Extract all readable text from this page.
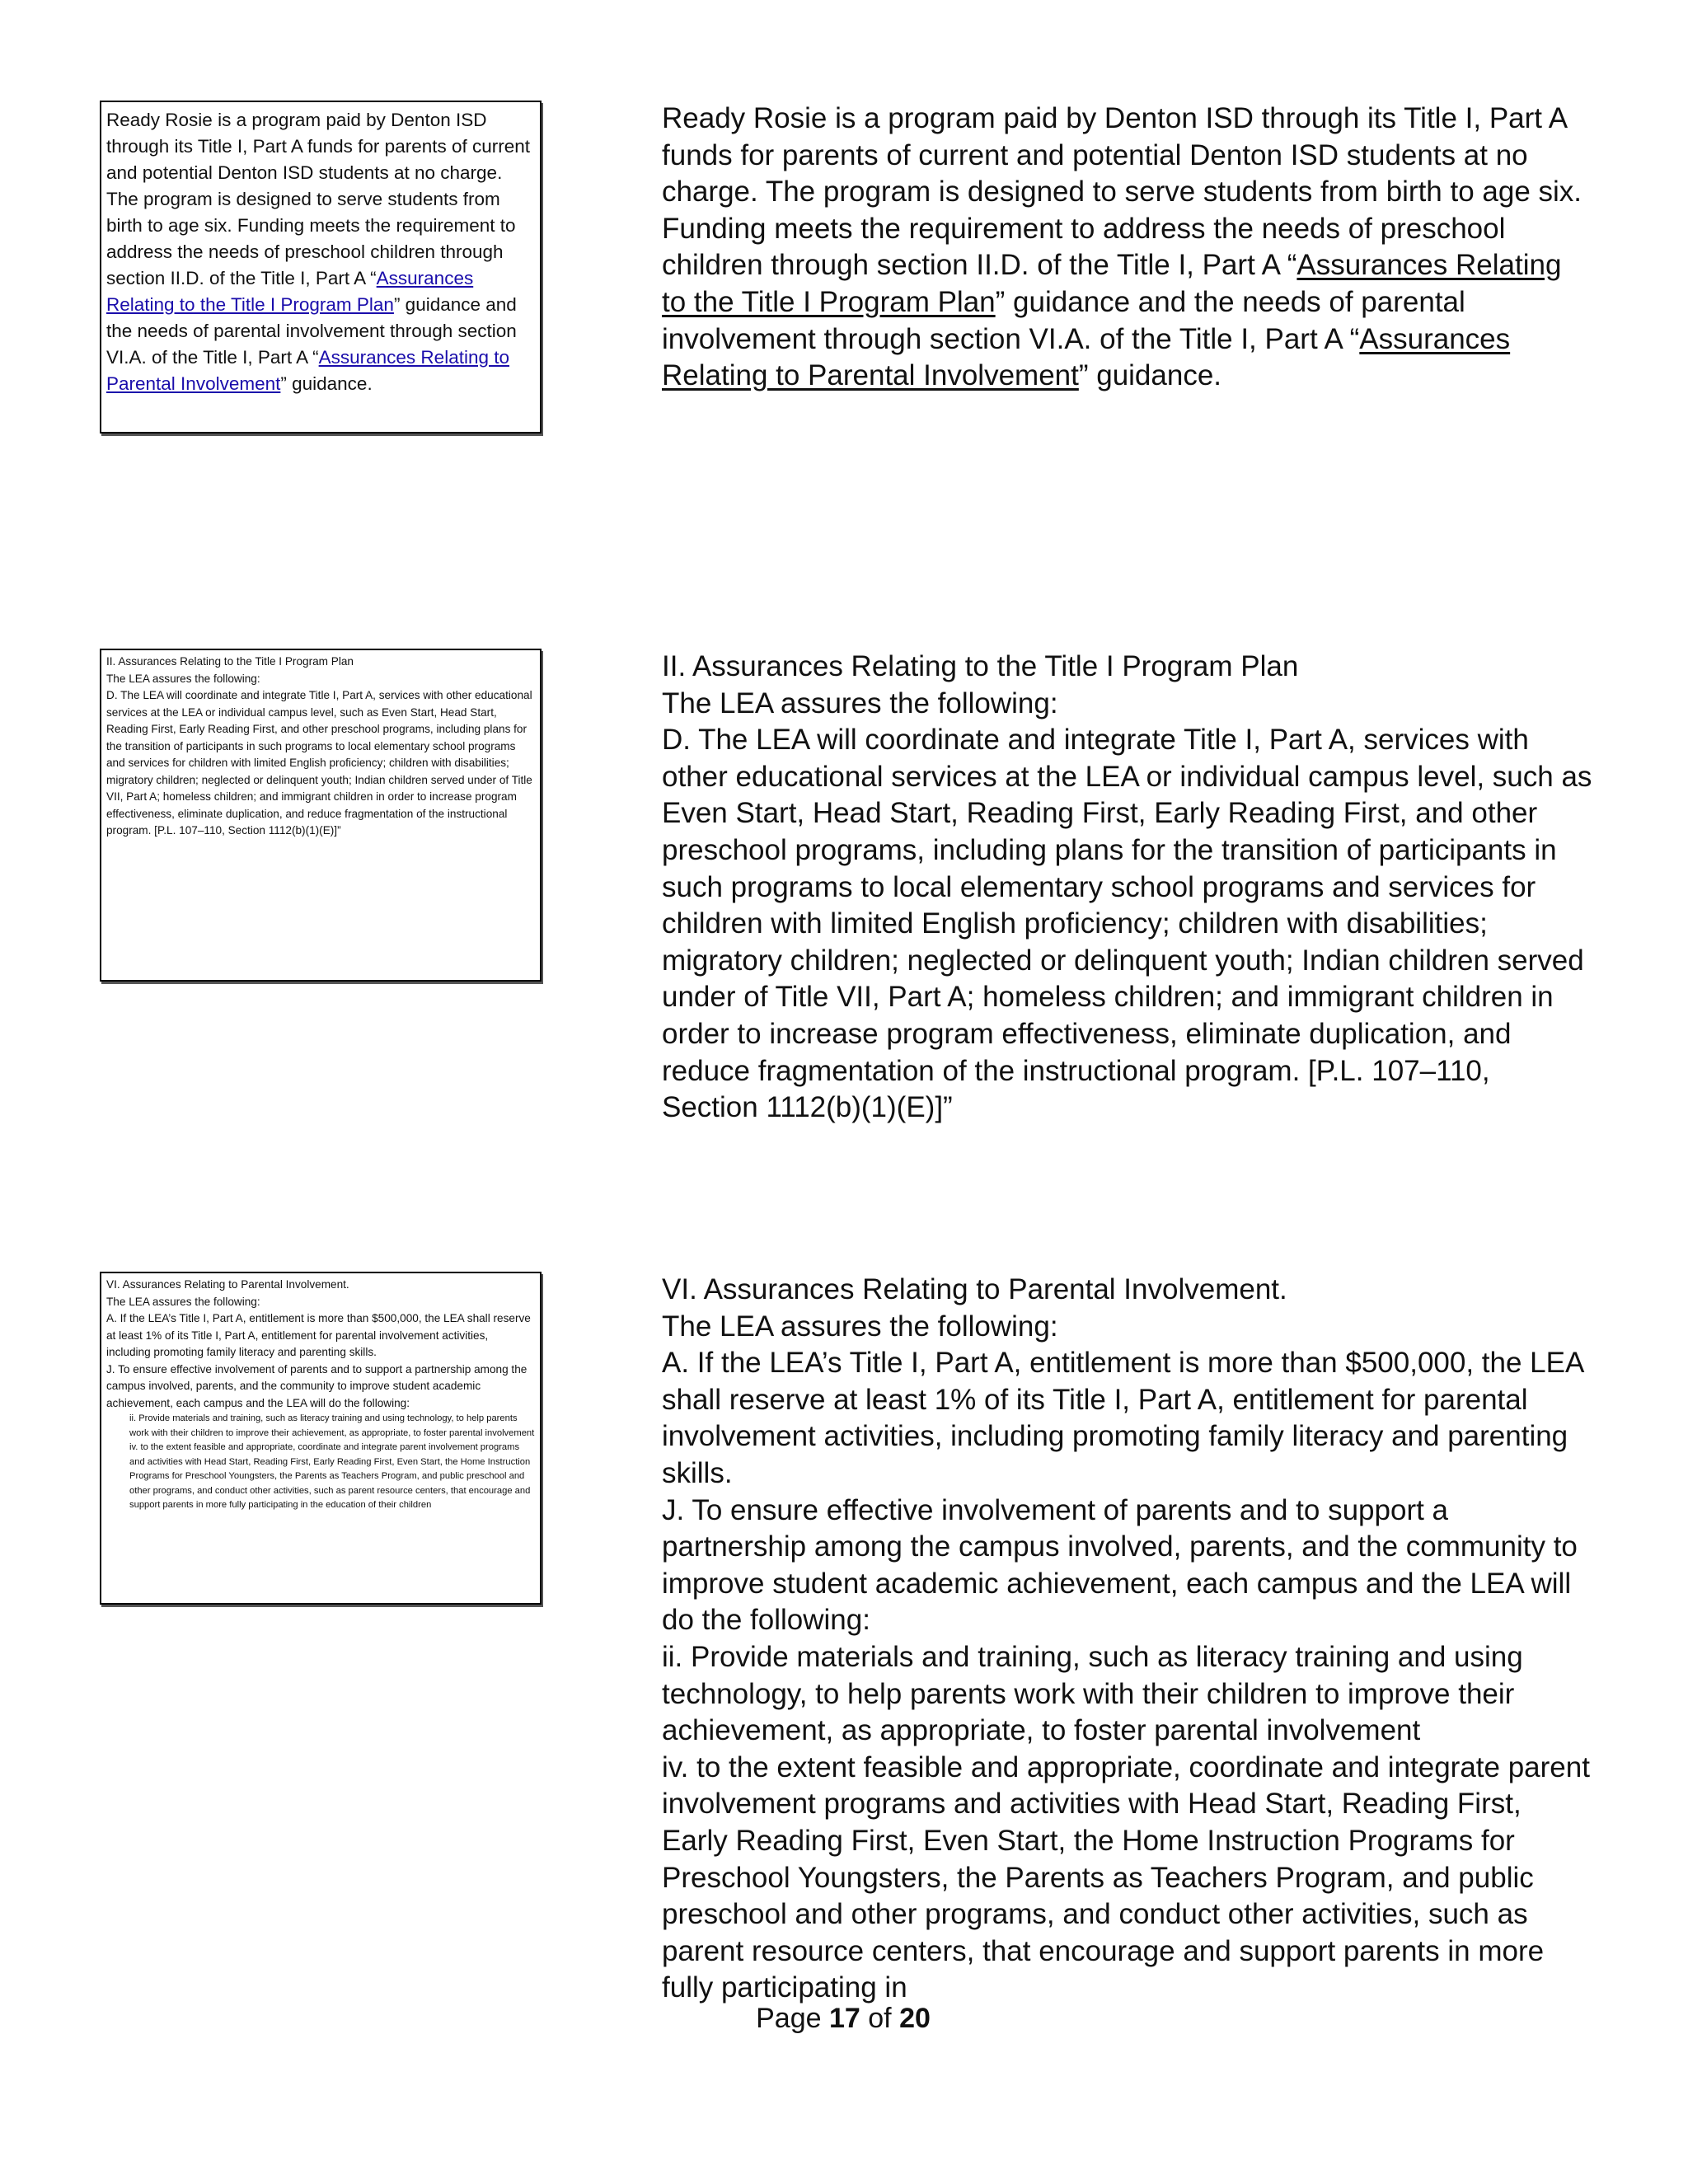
Ready Rosie is a program paid by Denton ISD through its Title I, Part A funds for parents of current and potential Denton ISD students at no charge. The program is designed to serve students from birth to age six. Funding meets the requirement to address the needs of preschool children through section II.D. of the Title I, Part A “Assurances Relating to the Title I Program Plan” guidance and the needs of parental involvement through section VI.A. of the Title I, Part A “Assurances Relating to Parental Involvement” guidance.

II. Assurances Relating to the Title I Program Plan

The LEA assures the following:

D. The LEA will coordinate and integrate Title I, Part A, services with other educational services at the LEA or individual campus level, such as Even Start, Head Start, Reading First, Early Reading First, and other preschool programs, including plans for the transition of participants in such programs to local elementary school programs and services for children with limited English proficiency; children with disabilities; migratory children; neglected or delinquent youth; Indian children served under of Title VII, Part A; homeless children; and immigrant children in order to increase program effectiveness, eliminate duplication, and reduce fragmentation of the instructional program. [P.L. 107–110, Section 1112(b)(1)(E)]”

VI. Assurances Relating to Parental Involvement.

The LEA assures the following:

A. If the LEA’s Title I, Part A, entitlement is more than $500,000, the LEA shall reserve at least 1% of its Title I, Part A, entitlement for parental involvement activities, including promoting family literacy and parenting skills.

J. To ensure effective involvement of parents and to support a partnership among the campus involved, parents, and the community to improve student academic achievement, each campus and the LEA will do the following:

ii. Provide materials and training, such as literacy training and using technology, to help parents work with their children to improve their achievement, as appropriate, to foster parental involvement

iv. to the extent feasible and appropriate, coordinate and integrate parent involvement programs and activities with Head Start, Reading First, Early Reading First, Even Start, the Home Instruction Programs for Preschool Youngsters, the Parents as Teachers Program, and public preschool and other programs, and conduct other activities, such as parent resource centers, that encourage and support parents in more fully participating in the education of their children

Ready Rosie is a program paid by Denton ISD through its Title I, Part A funds for parents of current and potential Denton ISD students at no charge. The program is designed to serve students from birth to age six. Funding meets the requirement to address the needs of preschool children through section II.D. of the Title I, Part A “Assurances Relating to the Title I Program Plan” guidance and the needs of parental involvement through section VI.A. of the Title I, Part A “Assurances Relating to Parental Involvement” guidance.

II. Assurances Relating to the Title I Program Plan

The LEA assures the following:

D. The LEA will coordinate and integrate Title I, Part A, services with other educational services at the LEA or individual campus level, such as Even Start, Head Start, Reading First, Early Reading First, and other preschool programs, including plans for the transition of participants in such programs to local elementary school programs and services for children with limited English proficiency; children with disabilities; migratory children; neglected or delinquent youth; Indian children served under of Title VII, Part A; homeless children; and immigrant children in order to increase program effectiveness, eliminate duplication, and reduce fragmentation of the instructional program. [P.L. 107–110, Section 1112(b)(1)(E)]”

VI. Assurances Relating to Parental Involvement.

The LEA assures the following:

A. If the LEA’s Title I, Part A, entitlement is more than $500,000, the LEA shall reserve at least 1% of its Title I, Part A, entitlement for parental involvement activities, including promoting family literacy and parenting skills.

J. To ensure effective involvement of parents and to support a partnership among the campus involved, parents, and the community to improve student academic achievement, each campus and the LEA will do the following:

ii. Provide materials and training, such as literacy training and using technology, to help parents work with their children to improve their achievement, as appropriate, to foster parental involvement

iv. to the extent feasible and appropriate, coordinate and integrate parent involvement programs and activities with Head Start, Reading First, Early Reading First, Even Start, the Home Instruction Programs for Preschool Youngsters, the Parents as Teachers Program, and public preschool and other programs, and conduct other activities, such as parent resource centers, that encourage and support parents in more fully participating in

Page 17 of 20
